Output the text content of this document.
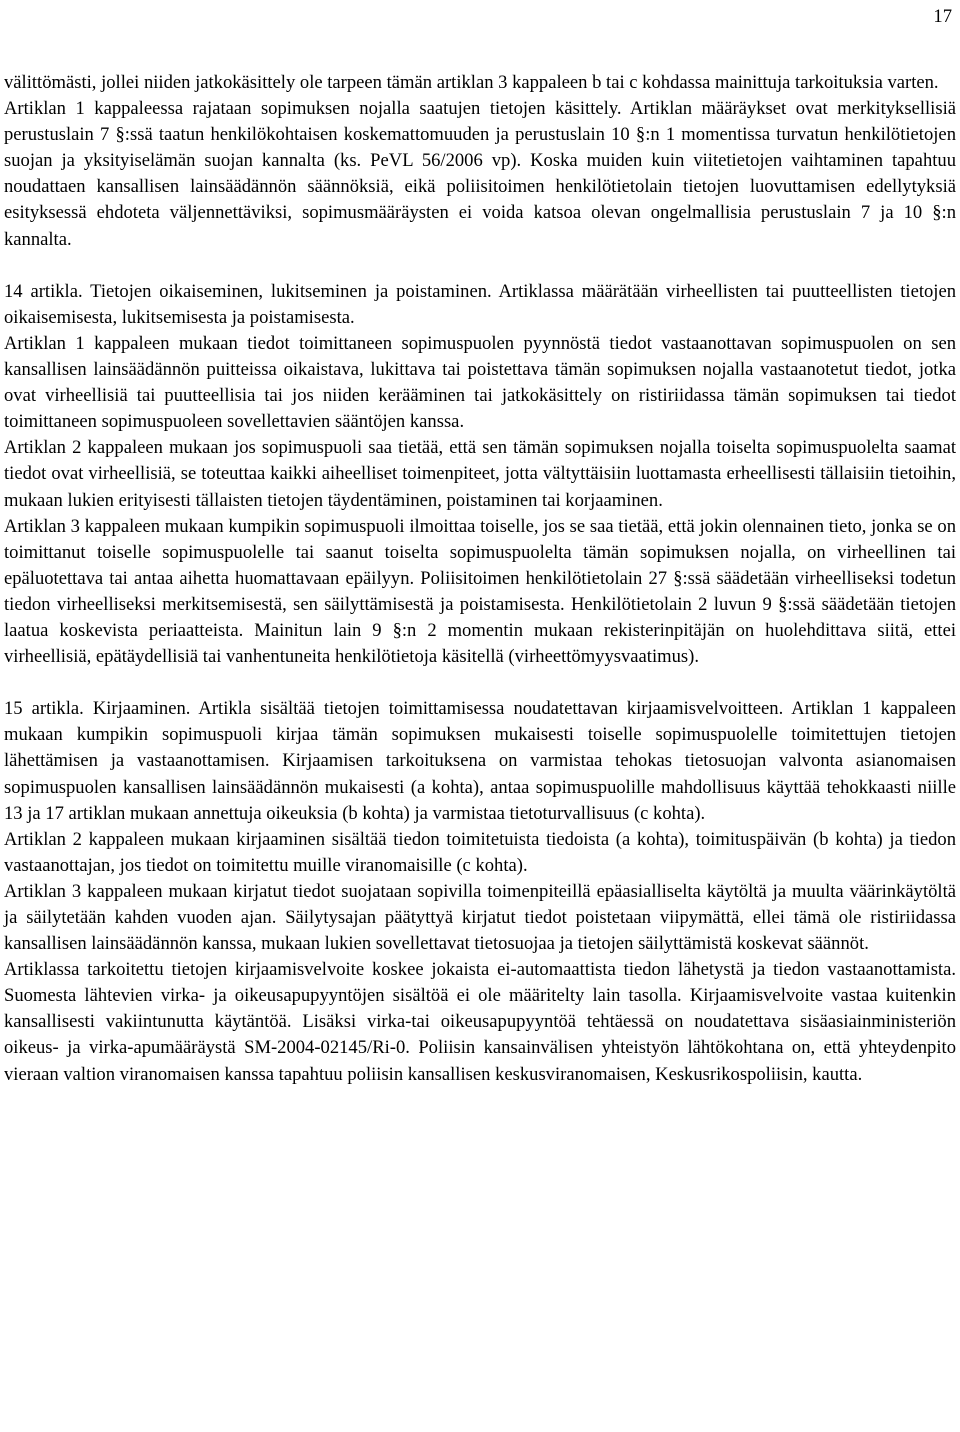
17

välittömästi, jollei niiden jatkokäsittely ole tarpeen tämän artiklan 3 kappaleen b tai c kohdassa mainittuja tarkoituksia varten.

Artiklan 1 kappaleessa rajataan sopimuksen nojalla saatujen tietojen käsittely. Artiklan määräykset ovat merkityksellisiä perustuslain 7 §:ssä taatun henkilökohtaisen koskemattomuuden ja perustuslain 10 §:n 1 momentissa turvatun henkilötietojen suojan ja yksityiselämän suojan kannalta (ks. PeVL 56/2006 vp). Koska muiden kuin viitetietojen vaihtaminen tapahtuu noudattaen kansallisen lainsäädännön säännöksiä, eikä poliisitoimen henkilötietolain tietojen luovuttamisen edellytyksiä esityksessä ehdoteta väljennettäviksi, sopimusmääräysten ei voida katsoa olevan ongelmallisia perustuslain 7 ja 10 §:n kannalta.

14 artikla. Tietojen oikaiseminen, lukitseminen ja poistaminen. Artiklassa määrätään virheellisten tai puutteellisten tietojen oikaisemisesta, lukitsemisesta ja poistamisesta.

Artiklan 1 kappaleen mukaan tiedot toimittaneen sopimuspuolen pyynnöstä tiedot vastaanottavan sopimuspuolen on sen kansallisen lainsäädännön puitteissa oikaistava, lukittava tai poistettava tämän sopimuksen nojalla vastaanotetut tiedot, jotka ovat virheellisiä tai puutteellisia tai jos niiden kerääminen tai jatkokäsittely on ristiriidassa tämän sopimuksen tai tiedot toimittaneen sopimuspuoleen sovellettavien sääntöjen kanssa.

Artiklan 2 kappaleen mukaan jos sopimuspuoli saa tietää, että sen tämän sopimuksen nojalla toiselta sopimuspuolelta saamat tiedot ovat virheellisiä, se toteuttaa kaikki aiheelliset toimenpiteet, jotta vältyttäisiin luottamasta erheellisesti tällaisiin tietoihin, mukaan lukien erityisesti tällaisten tietojen täydentäminen, poistaminen tai korjaaminen.

Artiklan 3 kappaleen mukaan kumpikin sopimuspuoli ilmoittaa toiselle, jos se saa tietää, että jokin olennainen tieto, jonka se on toimittanut toiselle sopimuspuolelle tai saanut toiselta sopimuspuolelta tämän sopimuksen nojalla, on virheellinen tai epäluotettava tai antaa aihetta huomattavaan epäilyyn. Poliisitoimen henkilötietolain 27 §:ssä säädetään virheelliseksi todetun tiedon virheelliseksi merkitsemisestä, sen säilyttämisestä ja poistamisesta. Henkilötietolain 2 luvun 9 §:ssä säädetään tietojen laatua koskevista periaatteista. Mainitun lain 9 §:n 2 momentin mukaan rekisterinpitäjän on huolehdittava siitä, ettei virheellisiä, epätäydellisiä tai vanhentuneita henkilötietoja käsitellä (virheettömyysvaatimus).

15 artikla. Kirjaaminen. Artikla sisältää tietojen toimittamisessa noudatettavan kirjaamisvelvoitteen. Artiklan 1 kappaleen mukaan kumpikin sopimuspuoli kirjaa tämän sopimuksen mukaisesti toiselle sopimuspuolelle toimitettujen tietojen lähettämisen ja vastaanottamisen. Kirjaamisen tarkoituksena on varmistaa tehokas tietosuojan valvonta asianomaisen sopimuspuolen kansallisen lainsäädännön mukaisesti (a kohta), antaa sopimuspuolille mahdollisuus käyttää tehokkaasti niille 13 ja 17 artiklan mukaan annettuja oikeuksia (b kohta) ja varmistaa tietoturvallisuus (c kohta).

Artiklan 2 kappaleen mukaan kirjaaminen sisältää tiedon toimitetuista tiedoista (a kohta), toimituspäivän (b kohta) ja tiedon vastaanottajan, jos tiedot on toimitettu muille viranomaisille (c kohta).

Artiklan 3 kappaleen mukaan kirjatut tiedot suojataan sopivilla toimenpiteillä epäasialliselta käytöltä ja muulta väärinkäytöltä ja säilytetään kahden vuoden ajan. Säilytysajan päätyttyä kirjatut tiedot poistetaan viipymättä, ellei tämä ole ristiriidassa kansallisen lainsäädännön kanssa, mukaan lukien sovellettavat tietosuojaa ja tietojen säilyttämistä koskevat säännöt.

Artiklassa tarkoitettu tietojen kirjaamisvelvoite koskee jokaista ei-automaattista tiedon lähetystä ja tiedon vastaanottamista. Suomesta lähtevien virka- ja oikeusapupyyntöjen sisältöä ei ole määritelty lain tasolla. Kirjaamisvelvoite vastaa kuitenkin kansallisesti vakiintunutta käytäntöä. Lisäksi virka-tai oikeusapupyyntöä tehtäessä on noudatettava sisäasiainministeriön oikeus- ja virka-apumääräystä SM-2004-02145/Ri-0. Poliisin kansainvälisen yhteistyön lähtökohtana on, että yhteydenpito vieraan valtion viranomaisen kanssa tapahtuu poliisin kansallisen keskusviranomaisen, Keskusrikospoliisin, kautta.
